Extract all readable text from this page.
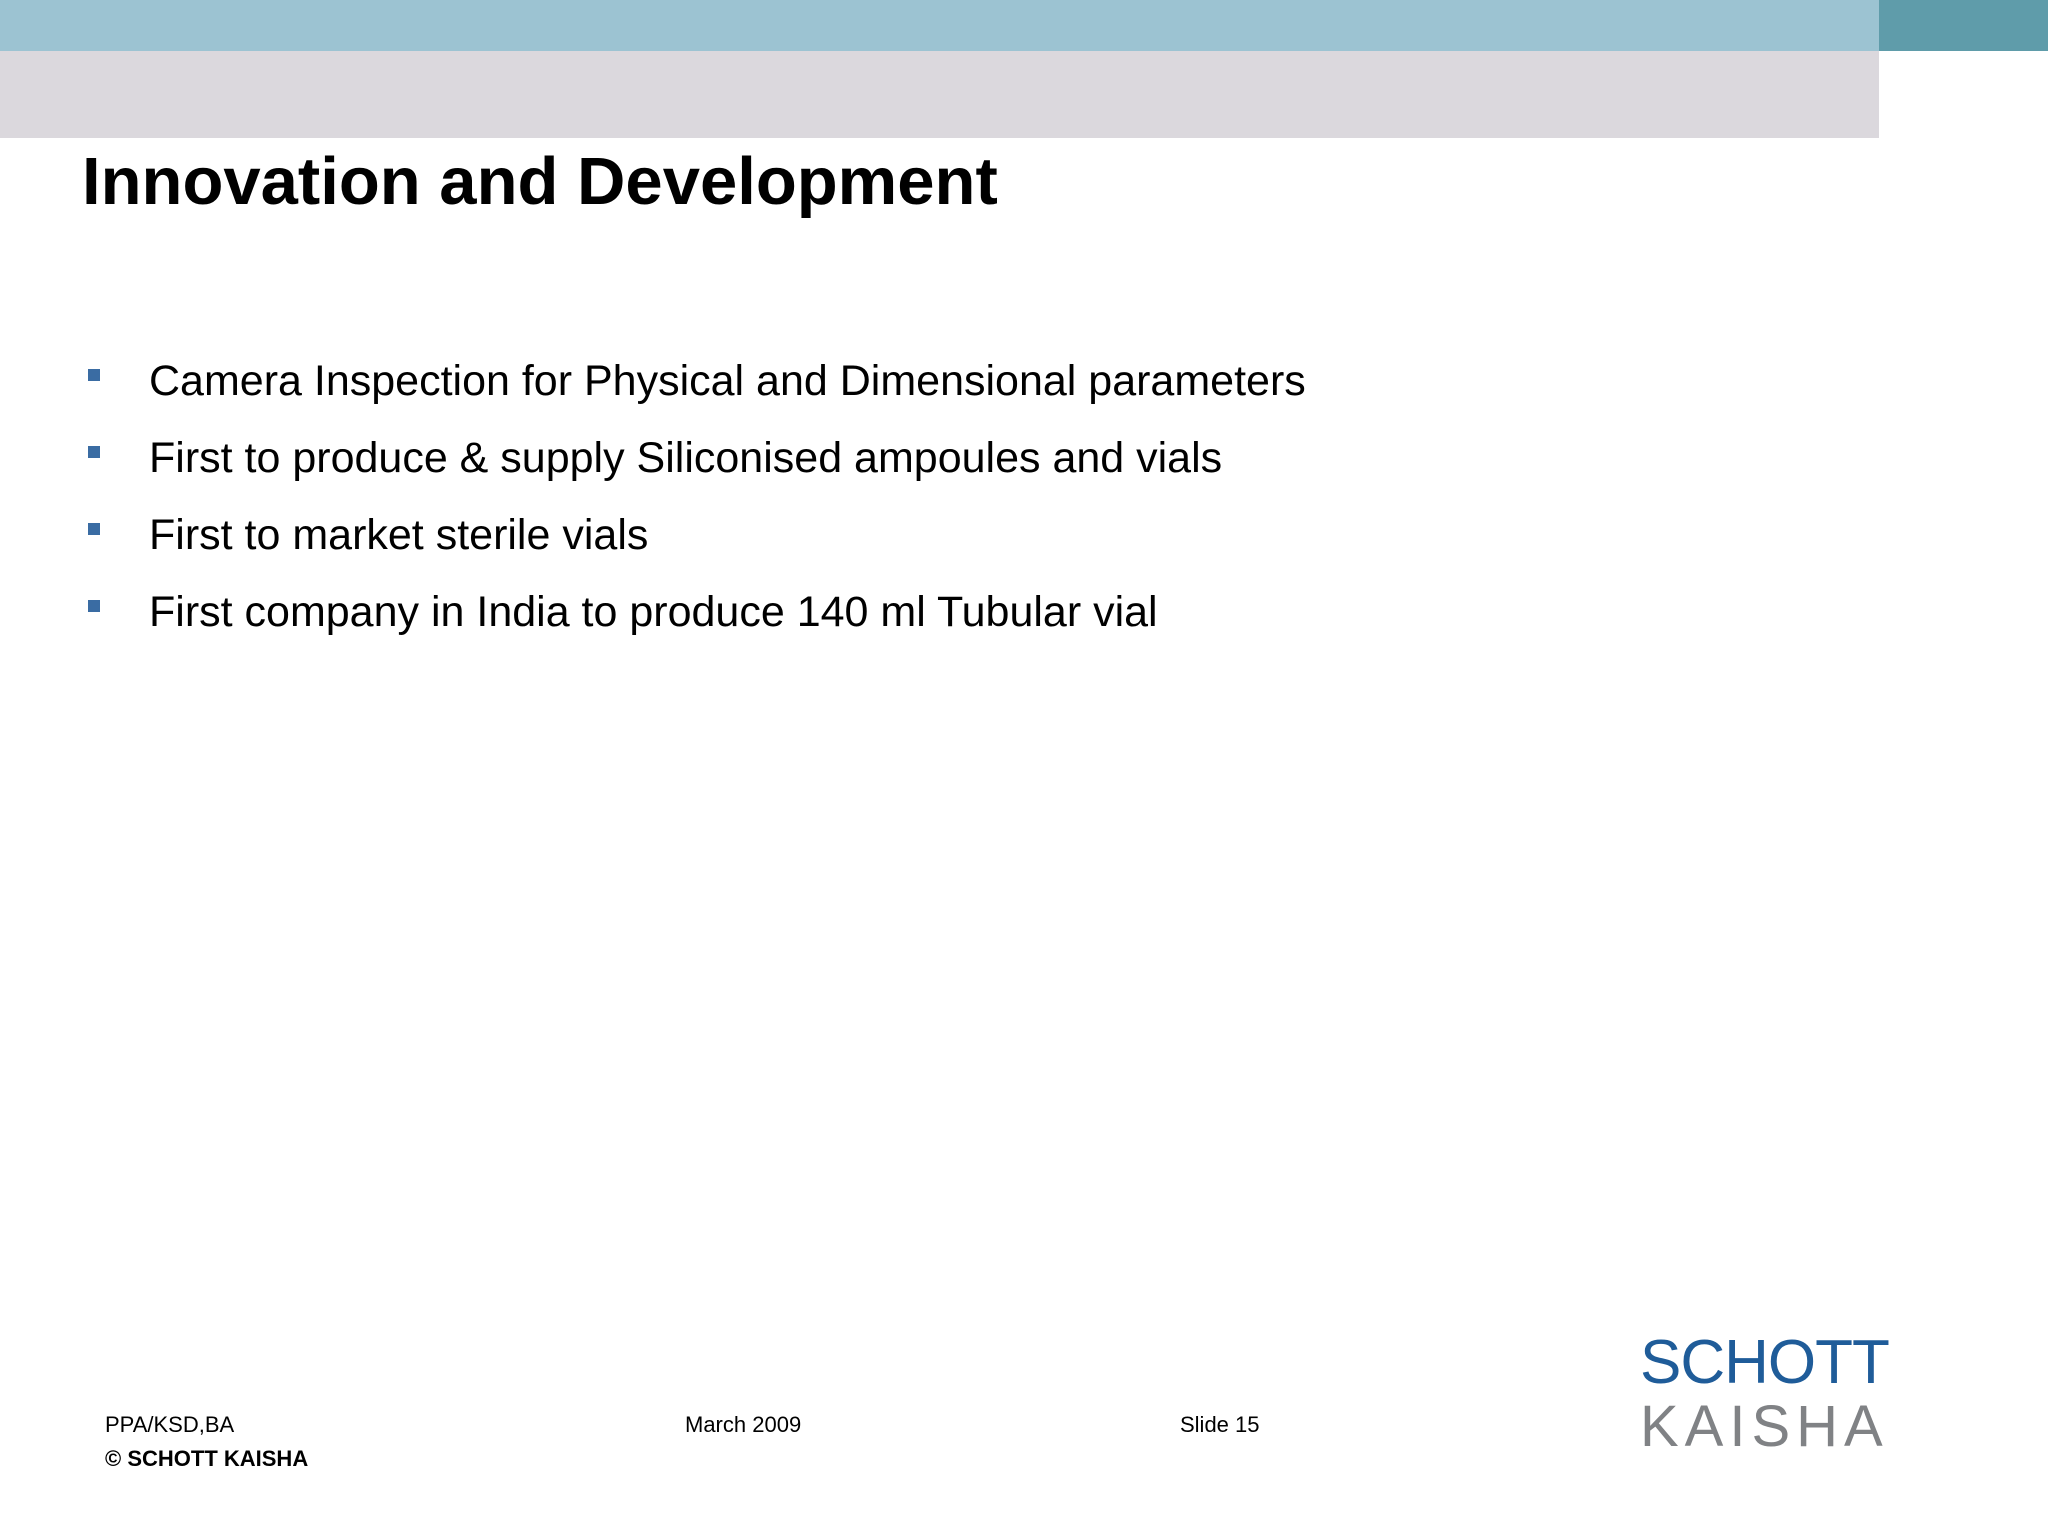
Innovation and Development
Camera Inspection for Physical and Dimensional parameters
First to produce & supply Siliconised ampoules and vials
First to market sterile vials
First company in India to produce 140 ml Tubular vial
PPA/KSD,BA
© SCHOTT KAISHA
March 2009	Slide 15
SCHOTT
KAISHA
